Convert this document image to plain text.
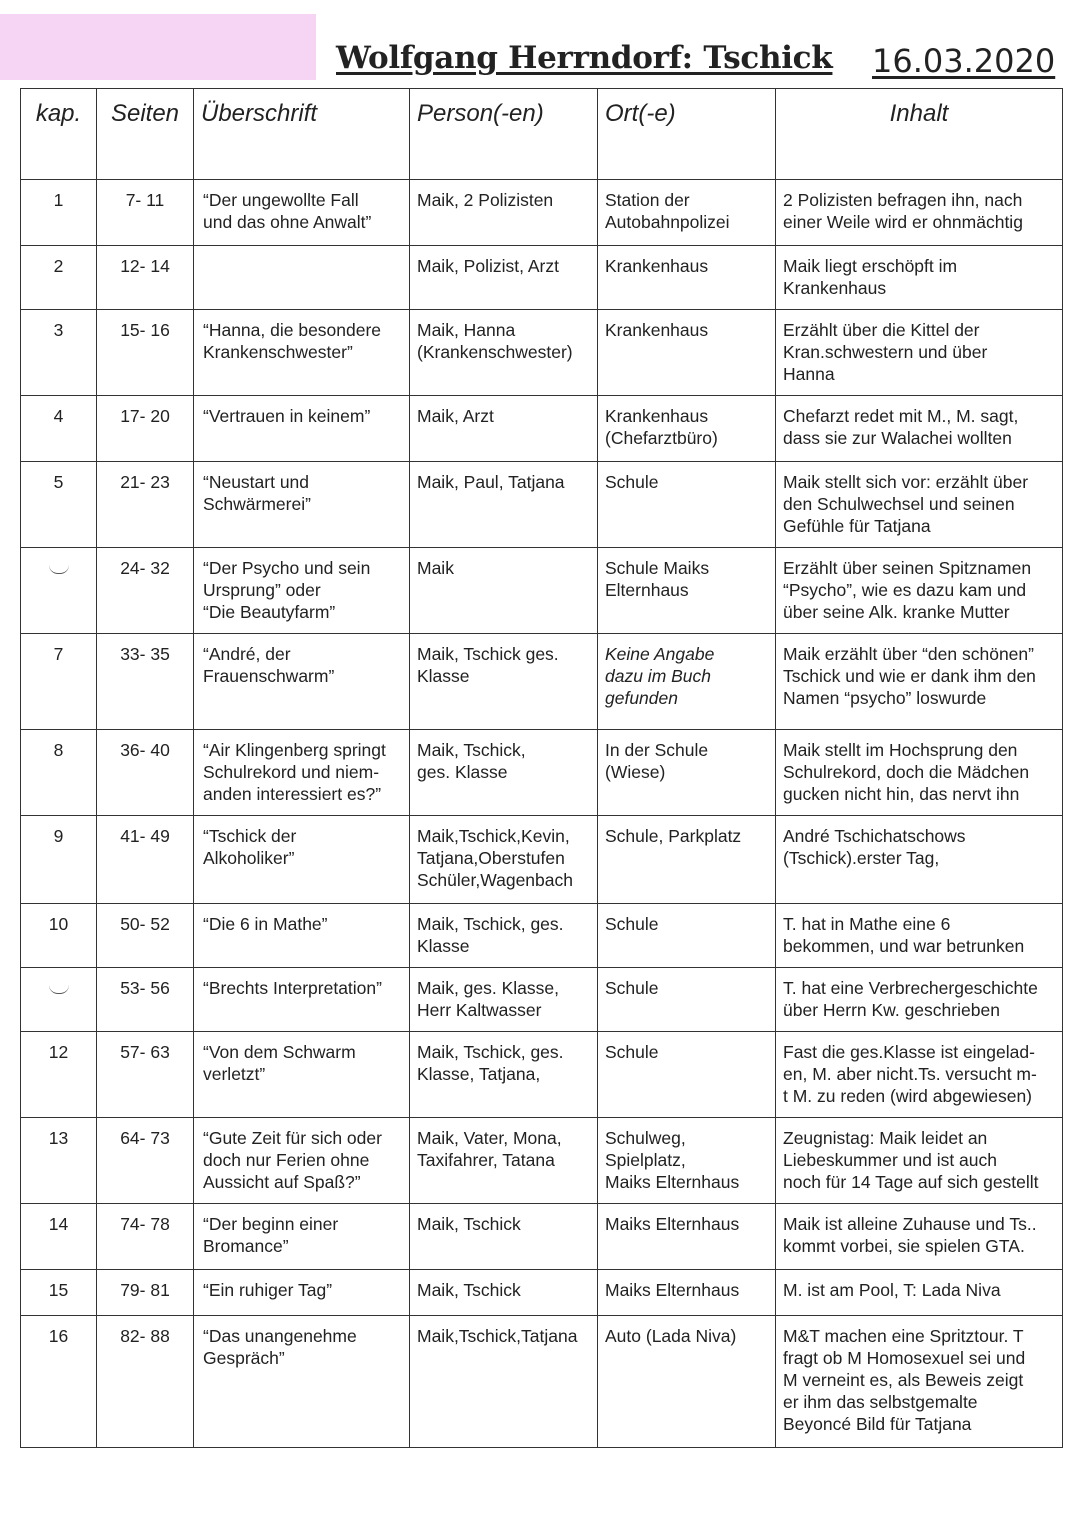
Wolfgang Herrndorf: Tschick 16.03.2020
kap.	Seiten	Überschrift	Person(-en)	Ort(-e)	Inhalt
1	7- 11	“Der ungewollte Fall
und das ohne Anwalt”	Maik, 2 Polizisten	Station der
Autobahnpolizei	2 Polizisten befragen ihn, nach
einer Weile wird er ohnmächtig
2	12- 14		Maik, Polizist, Arzt	Krankenhaus	Maik liegt erschöpft im
Krankenhaus
3	15- 16	“Hanna, die besondere
Krankenschwester”	Maik, Hanna
(Krankenschwester)	Krankenhaus	Erzählt über die Kittel der
Kran.schwestern und über
Hanna
4	17- 20	“Vertrauen in keinem”	Maik, Arzt	Krankenhaus
(Chefarztbüro)	Chefarzt redet mit M., M. sagt,
dass sie zur Walachei wollten
5	21- 23	“Neustart und
Schwärmerei”	Maik, Paul, Tatjana	Schule	Maik stellt sich vor: erzählt über
den Schulwechsel und seinen
Gefühle für Tatjana
	24- 32	“Der Psycho und sein
Ursprung” oder
“Die Beautyfarm”	Maik	Schule Maiks
Elternhaus	Erzählt über seinen Spitznamen
“Psycho”, wie es dazu kam und
über seine Alk. kranke Mutter
7	33- 35	“André, der
Frauenschwarm”	Maik, Tschick ges.
Klasse	Keine Angabe
dazu im Buch
gefunden	Maik erzählt über “den schönen”
Tschick und wie er dank ihm den
Namen “psycho” loswurde
8	36- 40	“Air Klingenberg springt
Schulrekord und niem-
anden interessiert es?”	Maik, Tschick,
ges. Klasse	In der Schule
(Wiese)	Maik stellt im Hochsprung den
Schulrekord, doch die Mädchen
gucken nicht hin, das nervt ihn
9	41- 49	“Tschick der
Alkoholiker”	Maik,Tschick,Kevin,
Tatjana,Oberstufen
Schüler,Wagenbach	Schule, Parkplatz	André Tschichatschows
(Tschick).erster Tag,
10	50- 52	“Die 6 in Mathe”	Maik, Tschick, ges.
Klasse	Schule	T. hat in Mathe eine 6
bekommen, und war betrunken
	53- 56	“Brechts Interpretation”	Maik, ges. Klasse,
Herr Kaltwasser	Schule	T. hat eine Verbrechergeschichte
über Herrn Kw. geschrieben
12	57- 63	“Von dem Schwarm
verletzt”	Maik, Tschick, ges.
Klasse, Tatjana,	Schule	Fast die ges.Klasse ist eingelad-
en, M. aber nicht.Ts. versucht m-
t M. zu reden (wird abgewiesen)
13	64- 73	“Gute Zeit für sich oder
doch nur Ferien ohne
Aussicht auf Spaß?”	Maik, Vater, Mona,
Taxifahrer, Tatana	Schulweg,
Spielplatz,
Maiks Elternhaus	Zeugnistag: Maik leidet an
Liebeskummer und ist auch
noch für 14 Tage auf sich gestellt
14	74- 78	“Der beginn einer
Bromance”	Maik, Tschick	Maiks Elternhaus	Maik ist alleine Zuhause und Ts..
kommt vorbei, sie spielen GTA.
15	79- 81	“Ein ruhiger Tag”	Maik, Tschick	Maiks Elternhaus	M. ist am Pool, T: Lada Niva
16	82- 88	“Das unangenehme
Gespräch”	Maik,Tschick,Tatjana	Auto (Lada Niva)	M&T machen eine Spritztour. T
fragt ob M Homosexuel sei und
M verneint es, als Beweis zeigt
er ihm das selbstgemalte
Beyoncé Bild für Tatjana
